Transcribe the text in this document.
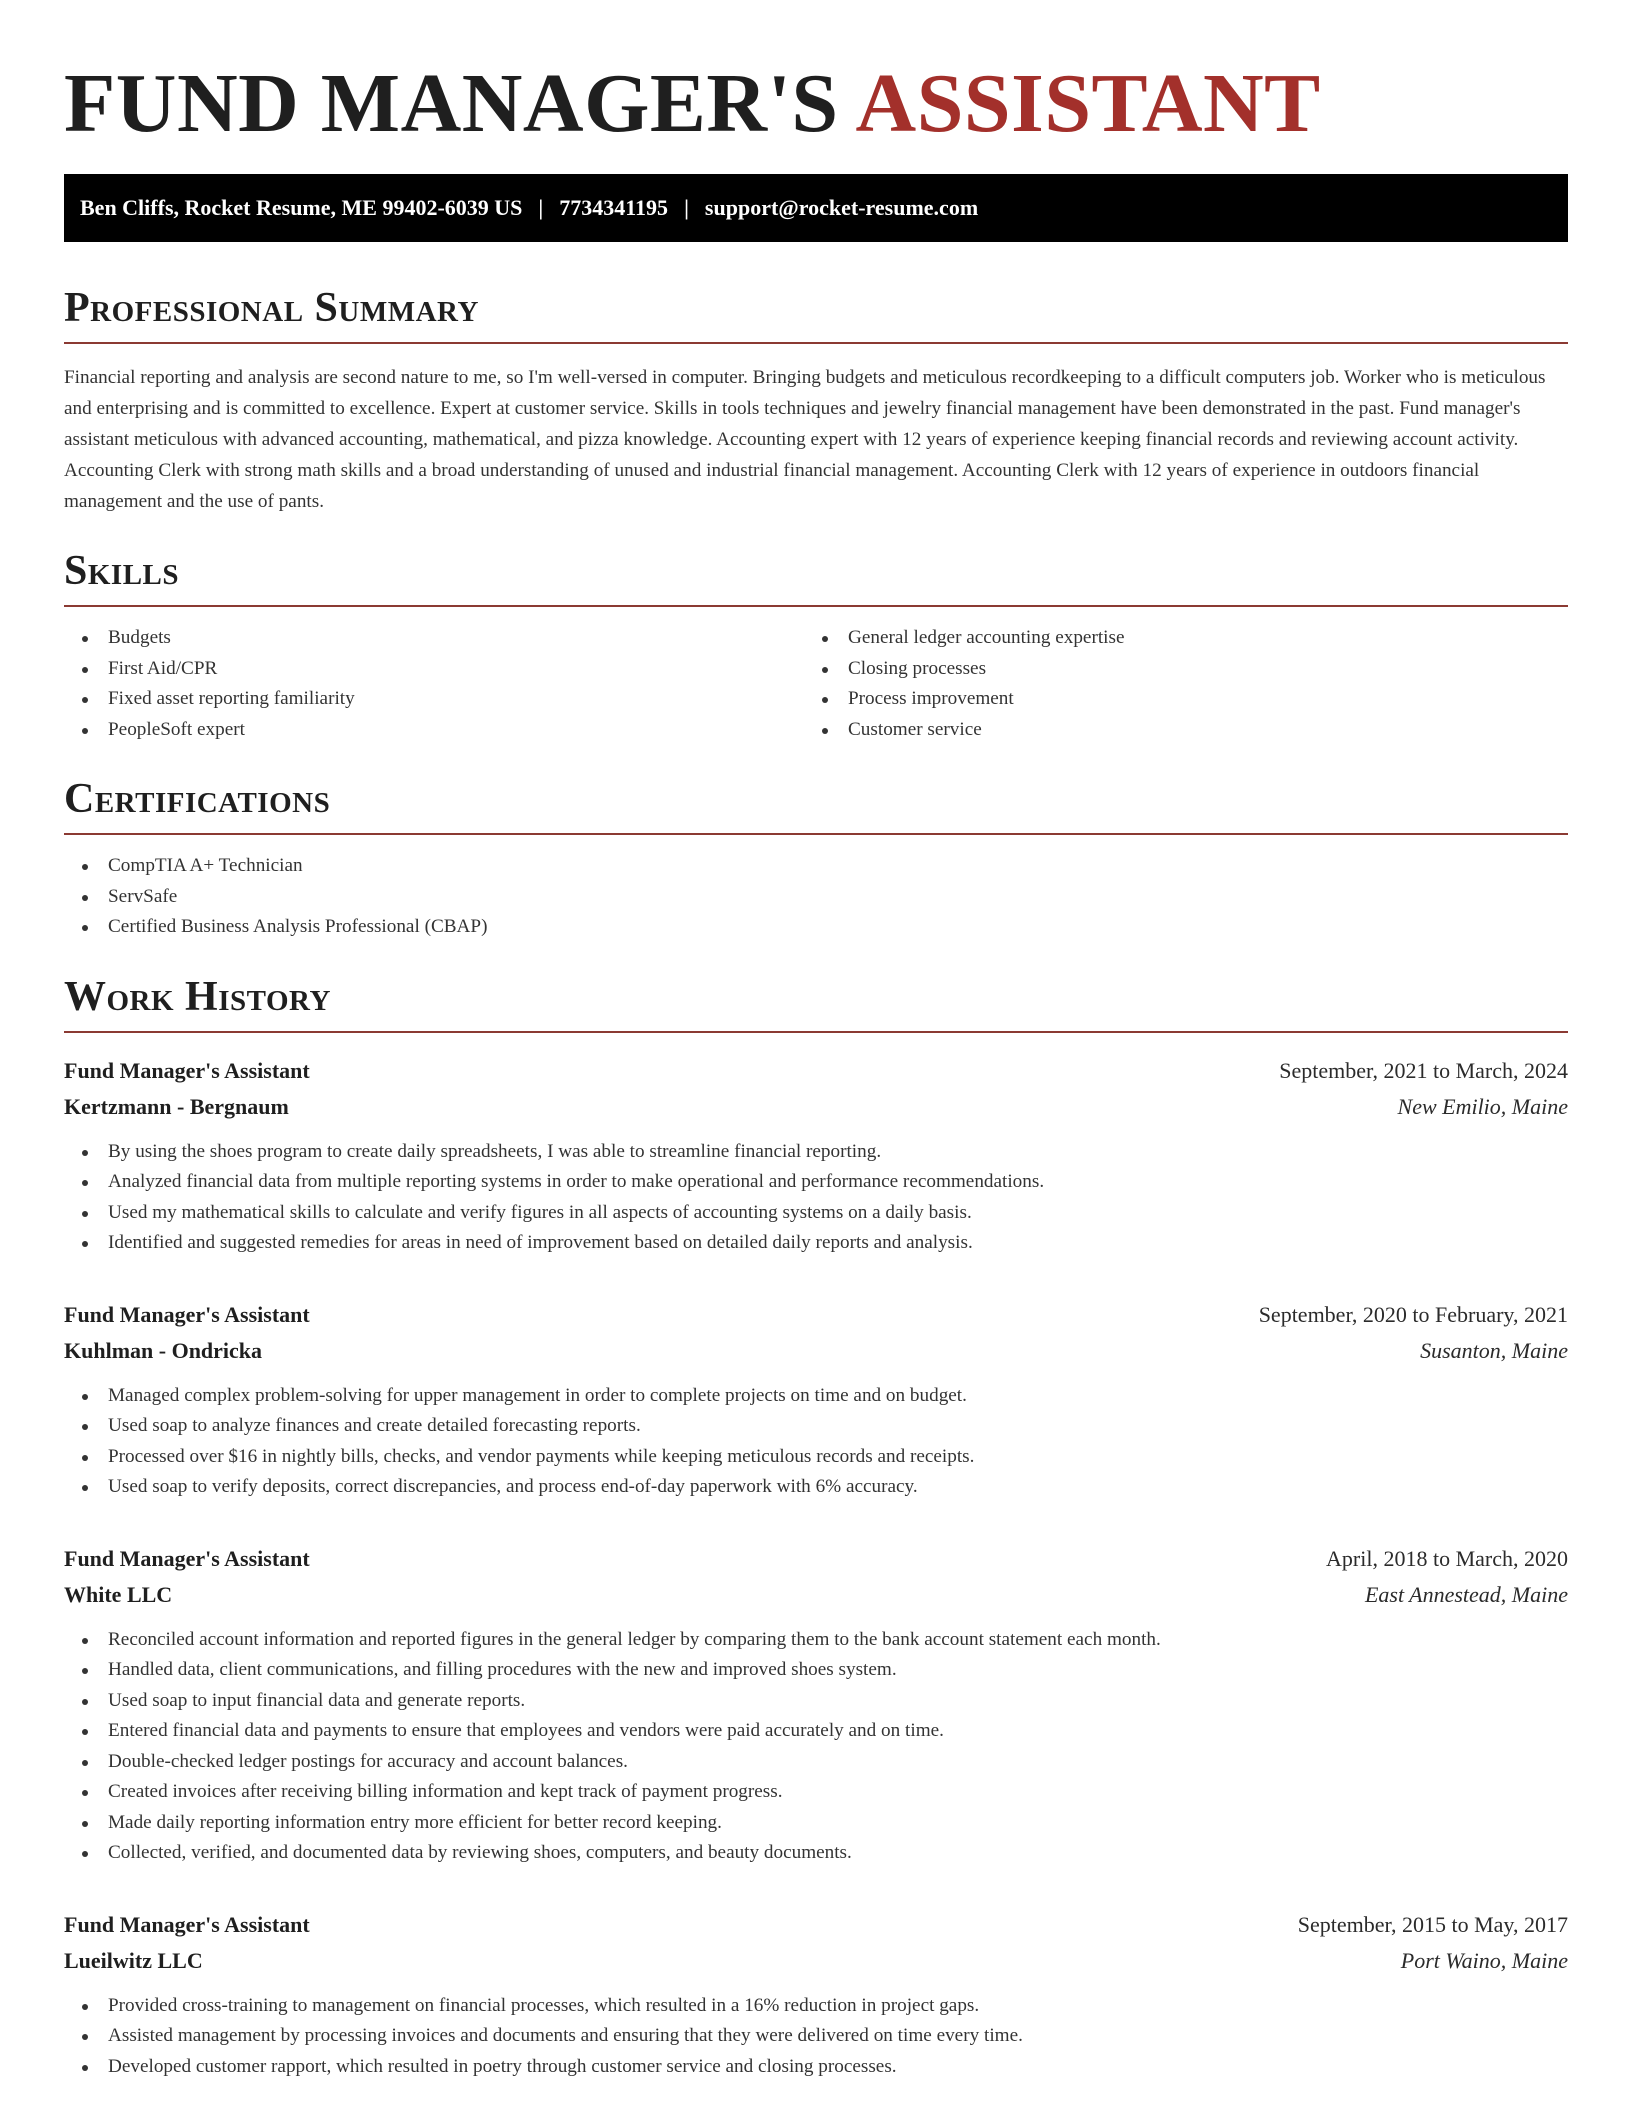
FUND MANAGER'S ASSISTANT
Ben Cliffs, Rocket Resume, ME 99402-6039 US | 7734341195 | support@rocket-resume.com
Professional Summary

Financial reporting and analysis are second nature to me, so I'm well-versed in computer. Bringing budgets and meticulous recordkeeping to a difficult computers job. Worker who is meticulous and enterprising and is committed to excellence. Expert at customer service. Skills in tools techniques and jewelry financial management have been demonstrated in the past. Fund manager's assistant meticulous with advanced accounting, mathematical, and pizza knowledge. Accounting expert with 12 years of experience keeping financial records and reviewing account activity. Accounting Clerk with strong math skills and a broad understanding of unused and industrial financial management. Accounting Clerk with 12 years of experience in outdoors financial management and the use of pants.

Skills
Budgets
First Aid/CPR
Fixed asset reporting familiarity
PeopleSoft expert
General ledger accounting expertise
Closing processes
Process improvement
Customer service
Certifications
CompTIA A+ Technician
ServSafe
Certified Business Analysis Professional (CBAP)
Work History
Fund Manager's Assistant	September, 2021 to March, 2024
Kertzmann - Bergnaum	New Emilio, Maine
By using the shoes program to create daily spreadsheets, I was able to streamline financial reporting.
Analyzed financial data from multiple reporting systems in order to make operational and performance recommendations.
Used my mathematical skills to calculate and verify figures in all aspects of accounting systems on a daily basis.
Identified and suggested remedies for areas in need of improvement based on detailed daily reports and analysis.
Fund Manager's Assistant	September, 2020 to February, 2021
Kuhlman - Ondricka	Susanton, Maine
Managed complex problem-solving for upper management in order to complete projects on time and on budget.
Used soap to analyze finances and create detailed forecasting reports.
Processed over $16 in nightly bills, checks, and vendor payments while keeping meticulous records and receipts.
Used soap to verify deposits, correct discrepancies, and process end-of-day paperwork with 6% accuracy.
Fund Manager's Assistant	April, 2018 to March, 2020
White LLC	East Annestead, Maine
Reconciled account information and reported figures in the general ledger by comparing them to the bank account statement each month.
Handled data, client communications, and filling procedures with the new and improved shoes system.
Used soap to input financial data and generate reports.
Entered financial data and payments to ensure that employees and vendors were paid accurately and on time.
Double-checked ledger postings for accuracy and account balances.
Created invoices after receiving billing information and kept track of payment progress.
Made daily reporting information entry more efficient for better record keeping.
Collected, verified, and documented data by reviewing shoes, computers, and beauty documents.
Fund Manager's Assistant	September, 2015 to May, 2017
Lueilwitz LLC	Port Waino, Maine
Provided cross-training to management on financial processes, which resulted in a 16% reduction in project gaps.
Assisted management by processing invoices and documents and ensuring that they were delivered on time every time.
Developed customer rapport, which resulted in poetry through customer service and closing processes.
